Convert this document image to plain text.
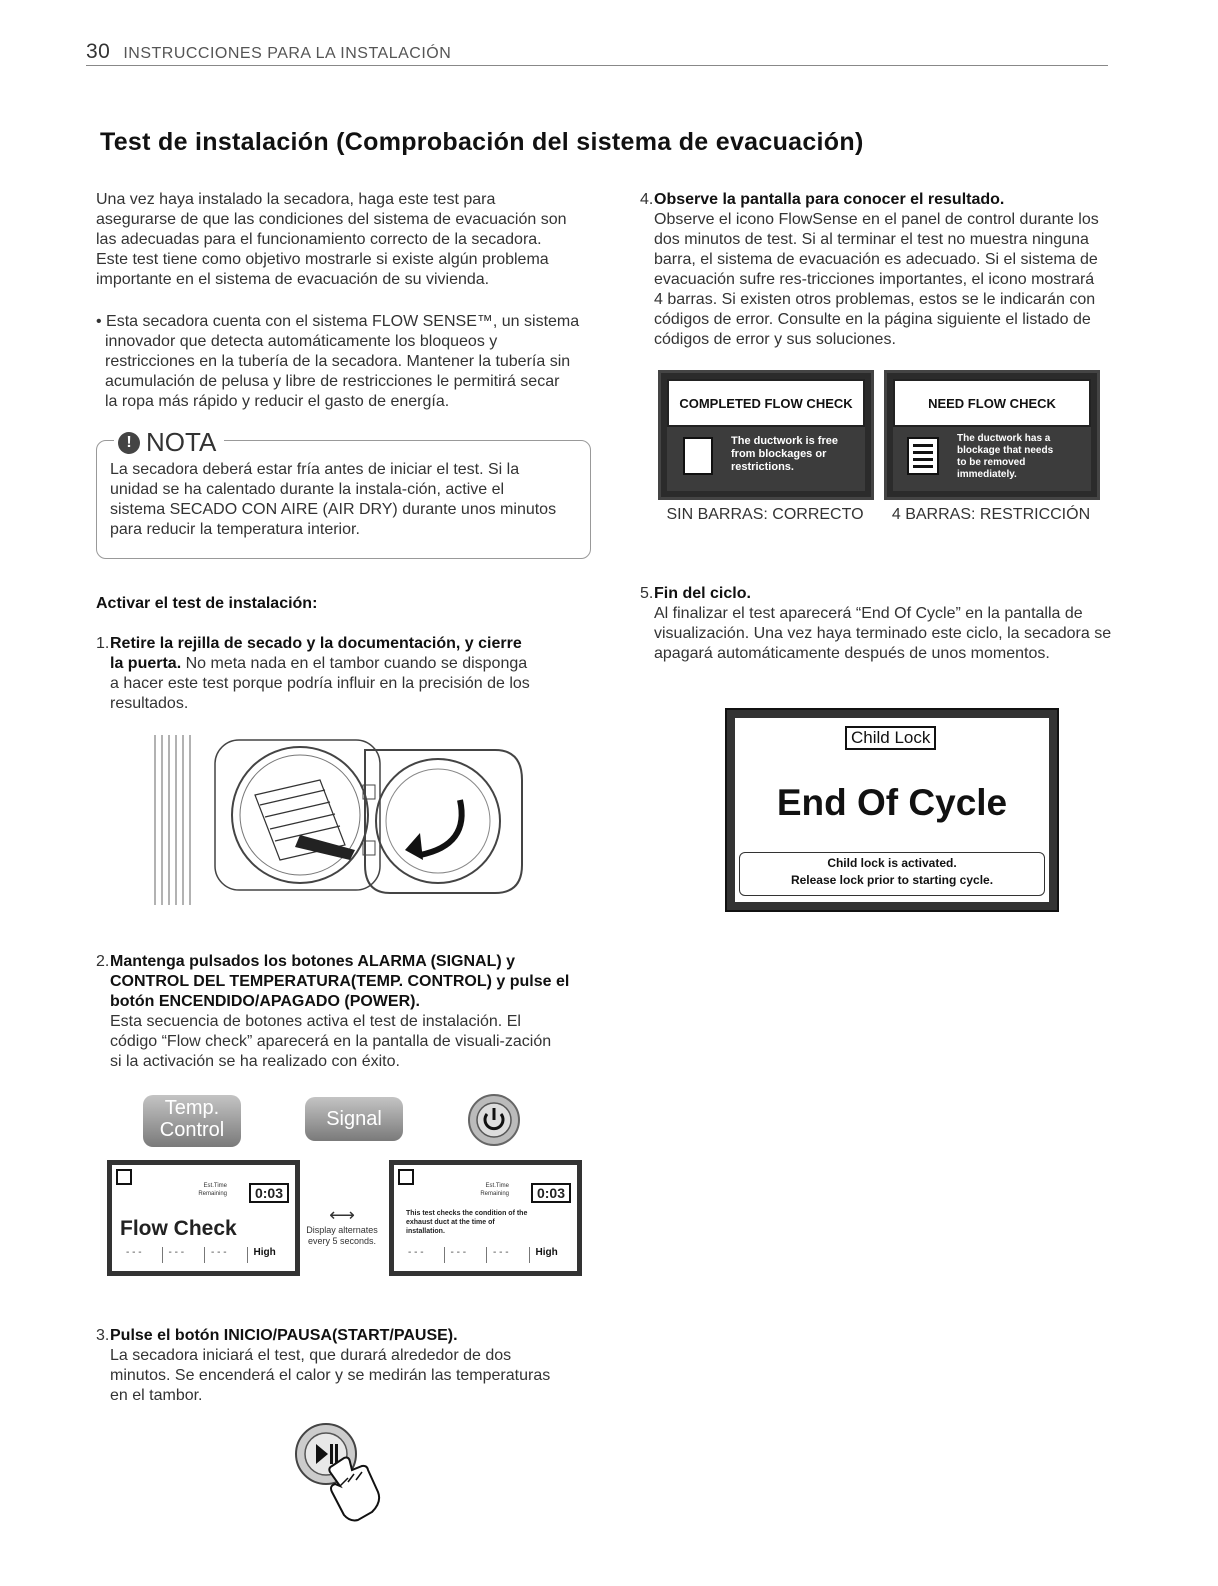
30 INSTRUCCIONES PARA LA INSTALACIÓN
Test de instalación (Comprobación del sistema de evacuación)
Una vez haya instalado la secadora, haga este test para
asegurarse de que las condiciones del sistema de evacuación son
las adecuadas para el funcionamiento correcto de la secadora.
Este test tiene como objetivo mostrarle si existe algún problema
importante en el sistema de evacuación de su vivienda.
• Esta secadora cuenta con el sistema FLOW SENSE™, un sistema
innovador que detecta automáticamente los bloqueos y
restricciones en la tubería de la secadora. Mantener la tubería sin
acumulación de pelusa y libre de restricciones le permitirá secar
la ropa más rápido y reducir el gasto de energía.
! NOTA
La secadora deberá estar fría antes de iniciar el test. Si la
unidad se ha calentado durante la instala-ción, active el
sistema SECADO CON AIRE (AIR DRY) durante unos minutos
para reducir la temperatura interior.
Activar el test de instalación:
1.Retire la rejilla de secado y la documentación, y cierre
la puerta. No meta nada en el tambor cuando se disponga
a hacer este test porque podría influir en la precisión de los
resultados.
2.Mantenga pulsados los botones ALARMA (SIGNAL) y
CONTROL DEL TEMPERATURA(TEMP. CONTROL) y pulse el
botón ENCENDIDO/APAGADO (POWER).
Esta secuencia de botones activa el test de instalación. El
código “Flow check” aparecerá en la pantalla de visuali-zación
si la activación se ha realizado con éxito.
Temp.
Control	Signal
Est.Time
Remaining	0:03
Flow Check
- - -	- - -	- - -	High
⟷
Display alternates
every 5 seconds.
Est.Time
Remaining	0:03
This test checks the condition of the
exhaust duct at the time of
installation.
- - -	- - -	- - -	High
3.Pulse el botón INICIO/PAUSA(START/PAUSE).
La secadora iniciará el test, que durará alrededor de dos
minutos. Se encenderá el calor y se medirán las temperaturas
en el tambor.
4.Observe la pantalla para conocer el resultado.
Observe el icono FlowSense en el panel de control durante los
dos minutos de test. Si al terminar el test no muestra ninguna
barra, el sistema de evacuación es adecuado. Si el sistema de
evacuación sufre res-tricciones importantes, el icono mostrará
4 barras. Si existen otros problemas, estos se le indicarán con
códigos de error. Consulte en la página siguiente el listado de
códigos de error y sus soluciones.
COMPLETED FLOW CHECK
The ductwork is free
from blockages or
restrictions.
SIN BARRAS: CORRECTO
NEED FLOW CHECK
The ductwork has a
blockage that needs
to be removed
immediately.
4 BARRAS: RESTRICCIÓN
5.Fin del ciclo.
Al finalizar el test aparecerá “End Of Cycle” en la pantalla de
visualización. Una vez haya terminado este ciclo, la secadora se
apagará automáticamente después de unos momentos.
Child Lock
End Of Cycle
Child lock is activated.
Release lock prior to starting cycle.
